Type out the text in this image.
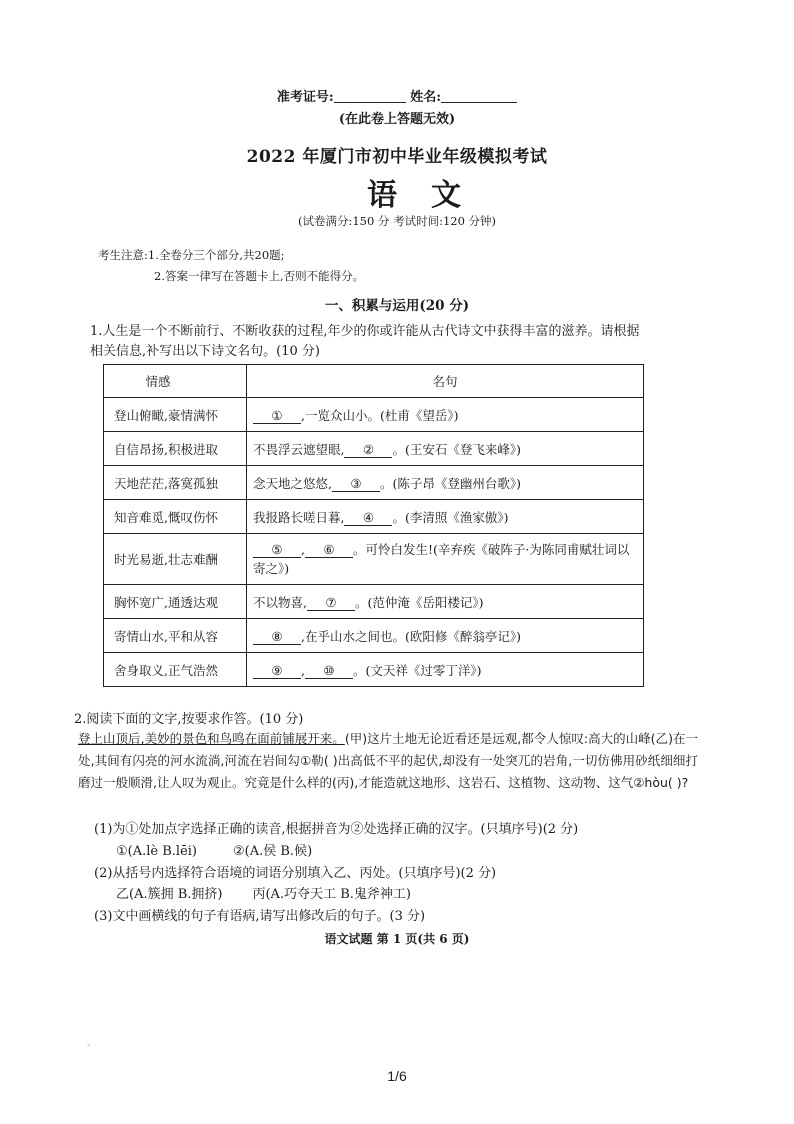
准考证号:	姓名:
(在此卷上答题无效)
2022 年厦门市初中毕业年级模拟考试
语文
(试卷满分:150 分 考试时间:120 分钟)
考生注意:1.全卷分三个部分,共20题;
2.答案一律写在答题卡上,否则不能得分。
一、积累与运用(20 分)
1.人生是一个不断前行、不断收获的过程,年少的你或许能从古代诗文中获得丰富的滋养。请根据相关信息,补写出以下诗文名句。(10 分)
情感	名句
登山俯瞰,豪情满怀	① ,一览众山小。(杜甫《望岳》)
自信昂扬,积极进取	不畏浮云遮望眼, ② 。(王安石《登飞来峰》)
天地茫茫,落寞孤独	念天地之悠悠, ③ 。(陈子昂《登幽州台歌》)
知音难觅,慨叹伤怀	我报路长嗟日暮, ④ 。(李清照《渔家傲》)
时光易逝,壮志难酬	⑤ , ⑥ 。可怜白发生!(辛弃疾《破阵子·为陈同甫赋壮词以寄之》)
胸怀宽广,通透达观	不以物喜, ⑦ 。(范仲淹《岳阳楼记》)
寄情山水,平和从容	⑧ ,在乎山水之间也。(欧阳修《醉翁亭记》)
舍身取义,正气浩然	⑨ , ⑩ 。(文天祥《过零丁洋》)
2.阅读下面的文字,按要求作答。(10 分)
登上山顶后,美妙的景色和鸟鸣在面前铺展开来。(甲)这片土地无论近看还是远观,都令人惊叹:高大的山峰(乙)在一处,其间有闪亮的河水流淌,河流在岩间勾①勒( )出高低不平的起伏,却没有一处突兀的岩角,一切仿佛用砂纸细细打磨过一般顺滑,让人叹为观止。究竟是什么样的(丙),才能造就这地形、这岩石、这植物、这动物、这气②hòu( )?
(1)为①处加点字选择正确的读音,根据拼音为②处选择正确的汉字。(只填序号)(2 分)
①(A.lè B.lēi)	②(A.侯 B.候)
(2)从括号内选择符合语境的词语分别填入乙、丙处。(只填序号)(2 分)
乙(A.簇拥 B.拥挤) 丙(A.巧夺天工 B.鬼斧神工)
(3)文中画横线的句子有语病,请写出修改后的句子。(3 分)
语文试题 第 1 页(共 6 页)
-
1/6
